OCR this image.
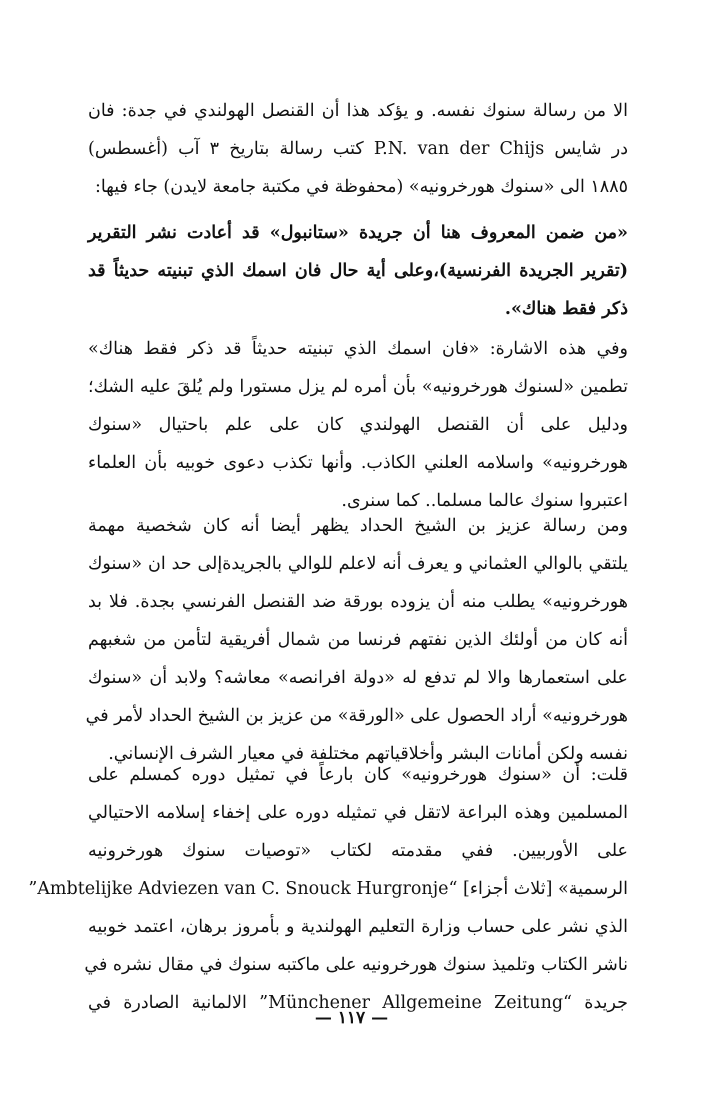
الا من رسالة سنوك نفسه. و يؤكد هذا أن القنصل الهولندي في جدة: فان
در شايس P.N. van der Chijs كتب رسالة بتاريخ ٣ آب (أغسطس)
١٨٨٥ الى «سنوك هورخرونيه» (محفوظة في مكتبة جامعة لايدن) جاء فيها:
«من ضمن المعروف هنا أن جريدة «ستانبول» قد أعادت نشر التقرير
(تقرير الجريدة الفرنسية)،وعلى أية حال فان اسمك الذي تبنيته حديثاً قد
ذكر فقط هناك».
وفي هذه الاشارة: «فان اسمك الذي تبنيته حديثاً قد ذكر فقط هناك»
تطمين «لسنوك هورخرونيه» بأن أمره لم يزل مستورا ولم يُلقَ عليه الشك؛
ودليل على أن القنصل الهولندي كان على علم باحتيال «سنوك
هورخرونيه» واسلامه العلني الكاذب. وأنها تكذب دعوى خوبيه بأن العلماء
اعتبروا سنوك عالما مسلما.. كما سنرى.
ومن رسالة عزيز بن الشيخ الحداد يظهر أيضا أنه كان شخصية مهمة
يلتقي بالوالي العثماني و يعرف أنه لاعلم للوالي بالجريدةإلى حد ان «سنوك
هورخرونيه» يطلب منه أن يزوده بورقة ضد القنصل الفرنسي بجدة. فلا بد
أنه كان من أولئك الذين نفتهم فرنسا من شمال أفريقية لتأمن من شغبهم
على استعمارها والا لم تدفع له «دولة افرانصه» معاشه؟ ولابد أن «سنوك
هورخرونيه» أراد الحصول على «الورقة» من عزيز بن الشيخ الحداد لأمر في
نفسه ولكن أمانات البشر وأخلاقياتهم مختلفة في معيار الشرف الإنساني.
قلت: أن «سنوك هورخرونيه» كان بارعاً في تمثيل دوره كمسلم على
المسلمين وهذه البراعة لاتقل في تمثيله دوره على إخفاء إسلامه الاحتيالي
على الأوربيين. ففي مقدمته لكتاب «توصيات سنوك هورخرونيه
الرسمية» [ثلاث أجزاء] “Ambtelijke Adviezen van C. Snouck Hurgronje”
الذي نشر على حساب وزارة التعليم الهولندية و بأمروز برهان، اعتمد خوبيه
ناشر الكتاب وتلميذ سنوك هورخرونيه على ماكتبه سنوك في مقال نشره في
جريدة “Münchener Allgemeine Zeitung” الالمانية الصادرة في
— ١١٧ —
